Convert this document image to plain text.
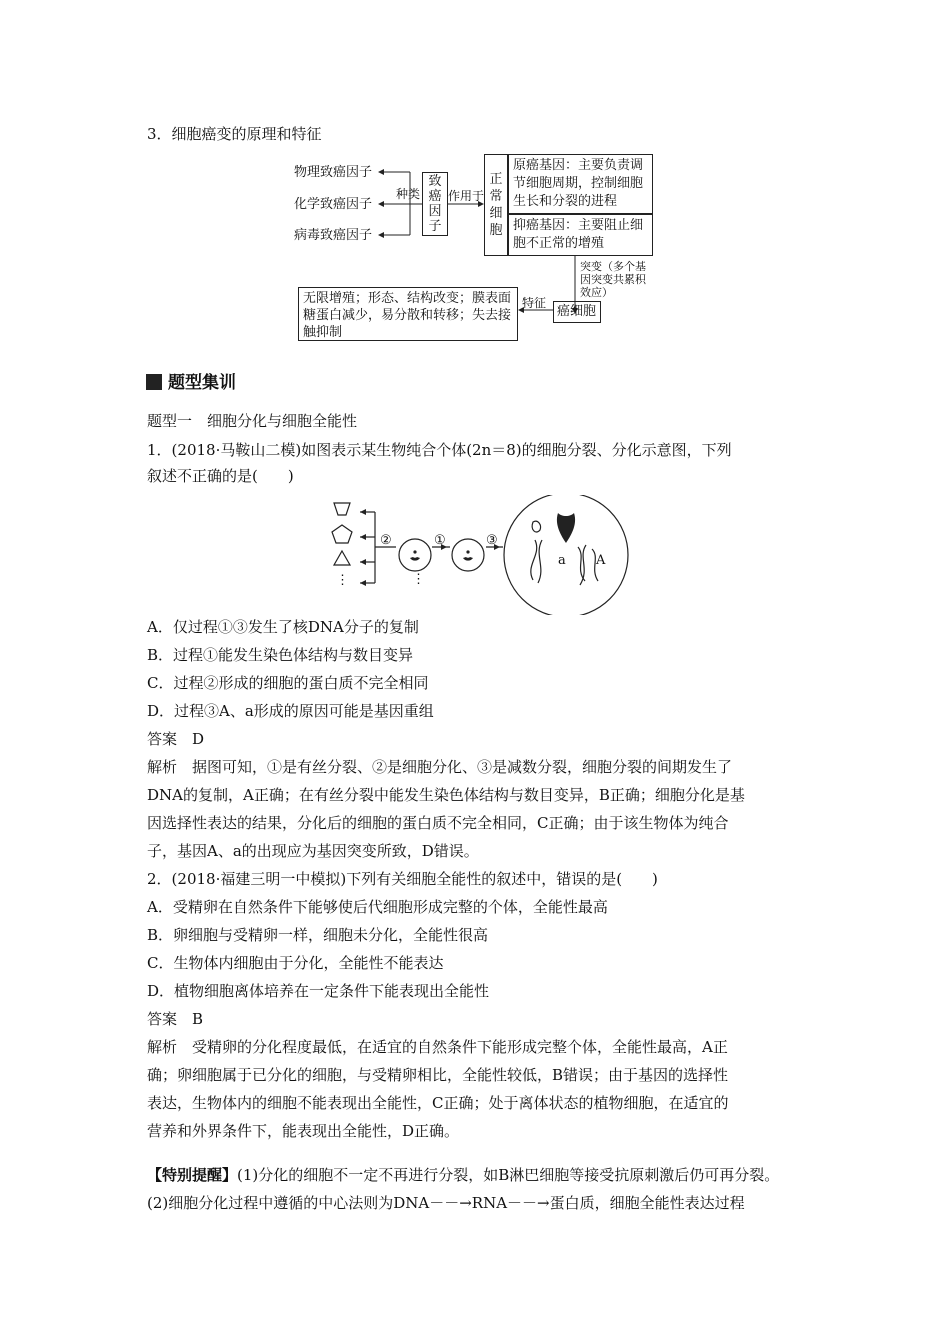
3．细胞癌变的原理和特征
物理致癌因子
化学致癌因子
病毒致癌因子
种类
致癌因子
作用于
正常细胞
原癌基因：主要负责调节细胞周期，控制细胞生长和分裂的进程
抑癌基因：主要阻止细胞不正常的增殖
突变（多个基因突变共累积效应）
无限增殖；形态、结构改变；膜表面糖蛋白减少，易分散和转移；失去接触抑制
特征
癌细胞
题型集训
题型一　细胞分化与细胞全能性
1．(2018·马鞍山二模)如图表示某生物纯合个体(2n＝8)的细胞分裂、分化示意图，下列
叙述不正确的是(　　)
②	①	③
⋮	⋮
a A
A．仅过程①③发生了核DNA分子的复制
B．过程①能发生染色体结构与数目变异
C．过程②形成的细胞的蛋白质不完全相同
D．过程③A、a形成的原因可能是基因重组
答案　D
解析　据图可知，①是有丝分裂、②是细胞分化、③是减数分裂，细胞分裂的间期发生了
DNA的复制，A正确；在有丝分裂中能发生染色体结构与数目变异，B正确；细胞分化是基
因选择性表达的结果，分化后的细胞的蛋白质不完全相同，C正确；由于该生物体为纯合
子，基因A、a的出现应为基因突变所致，D错误。
2．(2018·福建三明一中模拟)下列有关细胞全能性的叙述中，错误的是(　　)
A．受精卵在自然条件下能够使后代细胞形成完整的个体，全能性最高
B．卵细胞与受精卵一样，细胞未分化，全能性很高
C．生物体内细胞由于分化，全能性不能表达
D．植物细胞离体培养在一定条件下能表现出全能性
答案　B
解析　受精卵的分化程度最低，在适宜的自然条件下能形成完整个体，全能性最高，A正
确；卵细胞属于已分化的细胞，与受精卵相比，全能性较低，B错误；由于基因的选择性
表达，生物体内的细胞不能表现出全能性，C正确；处于离体状态的植物细胞，在适宜的
营养和外界条件下，能表现出全能性，D正确。
【特别提醒】(1)分化的细胞不一定不再进行分裂，如B淋巴细胞等接受抗原刺激后仍可再分裂。
(2)细胞分化过程中遵循的中心法则为DNA－－→RNA－－→蛋白质，细胞全能性表达过程
